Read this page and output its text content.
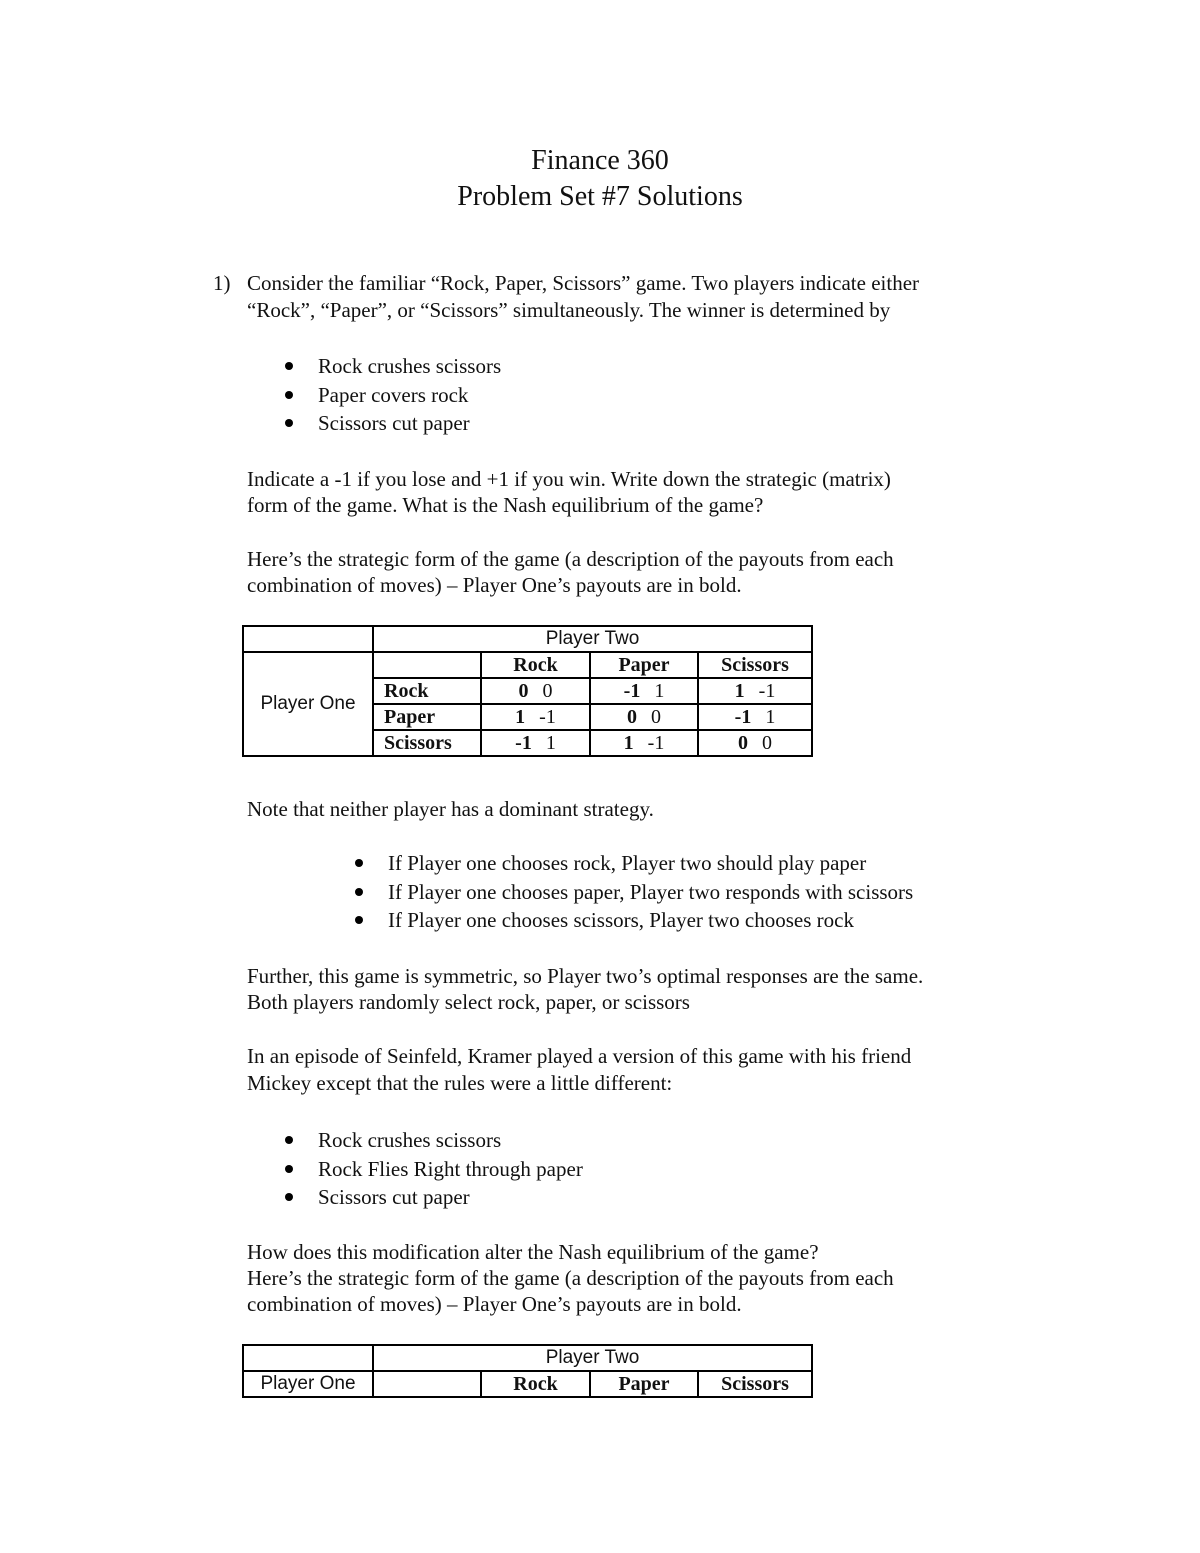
Finance 360

Problem Set #7 Solutions

1) Consider the familiar “Rock, Paper, Scissors” game. Two players indicate either

“Rock”, “Paper”, or “Scissors” simultaneously. The winner is determined by

Rock crushes scissors
Paper covers rock
Scissors cut paper

Indicate a -1 if you lose and +1 if you win. Write down the strategic (matrix)

form of the game. What is the Nash equilibrium of the game?

Here’s the strategic form of the game (a description of the payouts from each

combination of moves) – Player One’s payouts are in bold.

	Player Two			
Player One		Rock	Paper	Scissors
	Rock	0 0	-1 1	1 -1
	Paper	1 -1	0 0	-1 1
	Scissors	-1 1	1 -1	0 0

Note that neither player has a dominant strategy.

If Player one chooses rock, Player two should play paper
If Player one chooses paper, Player two responds with scissors
If Player one chooses scissors, Player two chooses rock

Further, this game is symmetric, so Player two’s optimal responses are the same.

Both players randomly select rock, paper, or scissors

In an episode of Seinfeld, Kramer played a version of this game with his friend

Mickey except that the rules were a little different:

Rock crushes scissors
Rock Flies Right through paper
Scissors cut paper

How does this modification alter the Nash equilibrium of the game?

Here’s the strategic form of the game (a description of the payouts from each

combination of moves) – Player One’s payouts are in bold.

	Player Two			
Player One		Rock	Paper	Scissors
